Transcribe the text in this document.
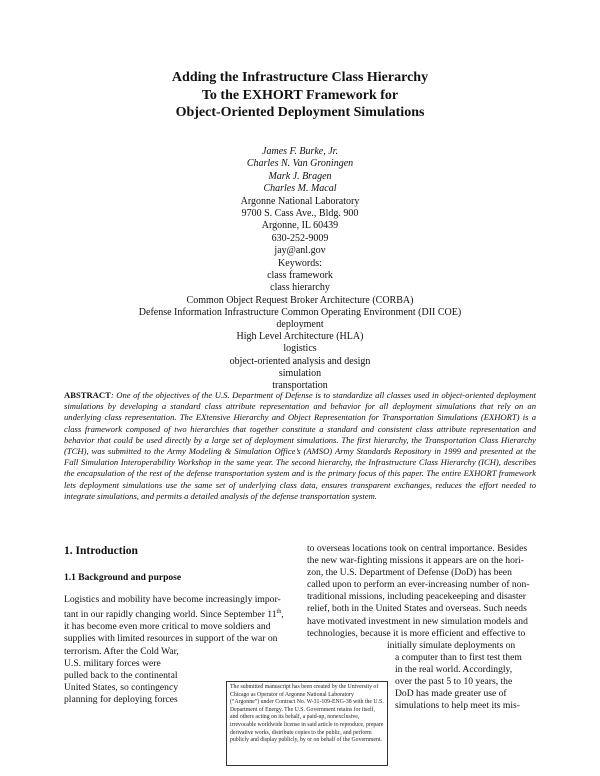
Adding the Infrastructure Class Hierarchy
To the EXHORT Framework for
Object-Oriented Deployment Simulations
James F. Burke, Jr.
Charles N. Van Groningen
Mark J. Bragen
Charles M. Macal
Argonne National Laboratory
9700 S. Cass Ave., Bldg. 900
Argonne, IL 60439
630-252-9009
jay@anl.gov
Keywords:
class framework
class hierarchy
Common Object Request Broker Architecture (CORBA)
Defense Information Infrastructure Common Operating Environment (DII COE)
deployment
High Level Architecture (HLA)
logistics
object-oriented analysis and design
simulation
transportation
ABSTRACT: One of the objectives of the U.S. Department of Defense is to standardize all classes used in object-oriented deployment simulations by developing a standard class attribute representation and behavior for all deployment simulations that rely on an underlying class representation. The EXtensive Hierarchy and Object Representation for Transportation Simulations (EXHORT) is a class framework composed of two hierarchies that together constitute a standard and consistent class attribute representation and behavior that could be used directly by a large set of deployment simulations. The first hierarchy, the Transportation Class Hierarchy (TCH), was submitted to the Army Modeling & Simulation Office’s (AMSO) Army Standards Repository in 1999 and presented at the Fall Simulation Interoperability Workshop in the same year. The second hierarchy, the Infrastructure Class Hierarchy (ICH), describes the encapsulation of the rest of the defense transportation system and is the primary focus of this paper. The entire EXHORT framework lets deployment simulations use the same set of underlying class data, ensures transparent exchanges, reduces the effort needed to integrate simulations, and permits a detailed analysis of the defense transportation system.
1. Introduction
1.1 Background and purpose
Logistics and mobility have become increasingly impor-
tant in our rapidly changing world. Since September 11th,
it has become even more critical to move soldiers and
supplies with limited resources in support of the war on
terrorism. After the Cold War,
U.S. military forces were
pulled back to the continental
United States, so contingency
planning for deploying forces
to overseas locations took on central importance. Besides
the new war-fighting missions it appears are on the hori-
zon, the U.S. Department of Defense (DoD) has been
called upon to perform an ever-increasing number of non-
traditional missions, including peacekeeping and disaster
relief, both in the United States and overseas. Such needs
have motivated investment in new simulation models and
technologies, because it is more efficient and effective to
initially simulate deployments on
a computer than to first test them
in the real world. Accordingly,
over the past 5 to 10 years, the
DoD has made greater use of
simulations to help meet its mis-
The submitted manuscript has been created by the University of Chicago as Operator of Argonne National Laboratory (“Argonne”) under Contract No. W-31-109-ENG-38 with the U.S. Department of Energy. The U.S. Government retains for itself, and others acting on its behalf, a paid-up, nonexclusive, irrevocable worldwide license in said article to reproduce, prepare derivative works, distribute copies to the public, and perform publicly and display publicly, by or on behalf of the Government.
